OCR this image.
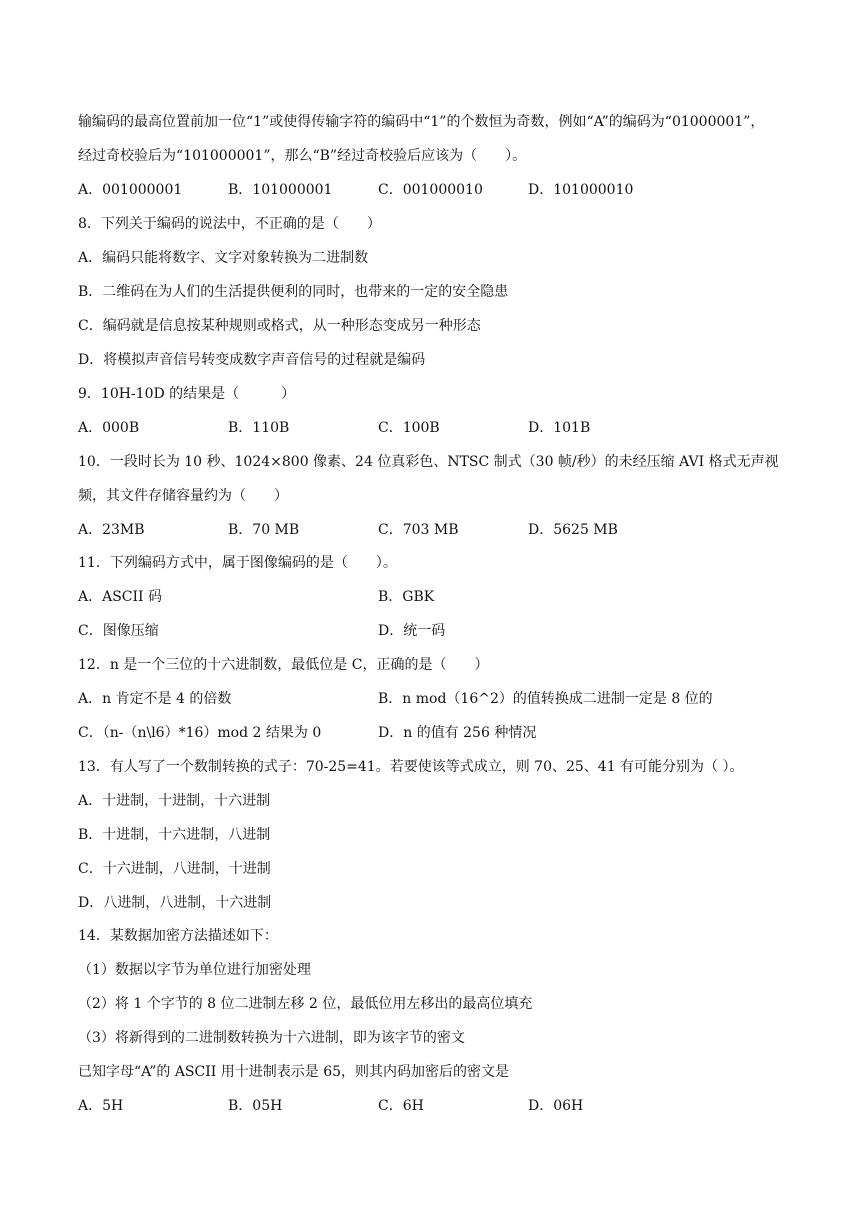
输编码的最高位置前加一位“1”或使得传输字符的编码中“1”的个数恒为奇数，例如“A”的编码为“01000001”，
经过奇校验后为“101000001”，那么“B”经过奇校验后应该为（　　）。
A．001000001	B．101000001	C．001000010	D．101000010
8．下列关于编码的说法中，不正确的是（　　）
A．编码只能将数字、文字对象转换为二进制数
B．二维码在为人们的生活提供便利的同时，也带来的一定的安全隐患
C．编码就是信息按某种规则或格式，从一种形态变成另一种形态
D．将模拟声音信号转变成数字声音信号的过程就是编码
9．10H-10D 的结果是（　　　）
A．000B	B．110B	C．100B	D．101B
10．一段时长为 10 秒、1024×800 像素、24 位真彩色、NTSC 制式（30 帧/秒）的未经压缩 AVI 格式无声视
频，其文件存储容量约为（　　）
A．23MB	B．70 MB	C．703 MB	D．5625 MB
11．下列编码方式中，属于图像编码的是（　　）。
A．ASCII 码	B．GBK
C．图像压缩	D．统一码
12．n 是一个三位的十六进制数，最低位是 C，正确的是（　　）
A．n 肯定不是 4 的倍数	B．n mod（16^2）的值转换成二进制一定是 8 位的
C．（n-（n\l6）*16）mod 2 结果为 0	D．n 的值有 256 种情况
13．有人写了一个数制转换的式子：70-25=41。若要使该等式成立，则 70、25、41 有可能分别为（ ）。
A．十进制，十进制，十六进制
B．十进制，十六进制，八进制
C．十六进制，八进制，十进制
D．八进制，八进制，十六进制
14．某数据加密方法描述如下：
（1）数据以字节为单位进行加密处理
（2）将 1 个字节的 8 位二进制左移 2 位，最低位用左移出的最高位填充
（3）将新得到的二进制数转换为十六进制，即为该字节的密文
已知字母“A”的 ASCII 用十进制表示是 65，则其内码加密后的密文是
A．5H	B．05H	C．6H	D．06H
